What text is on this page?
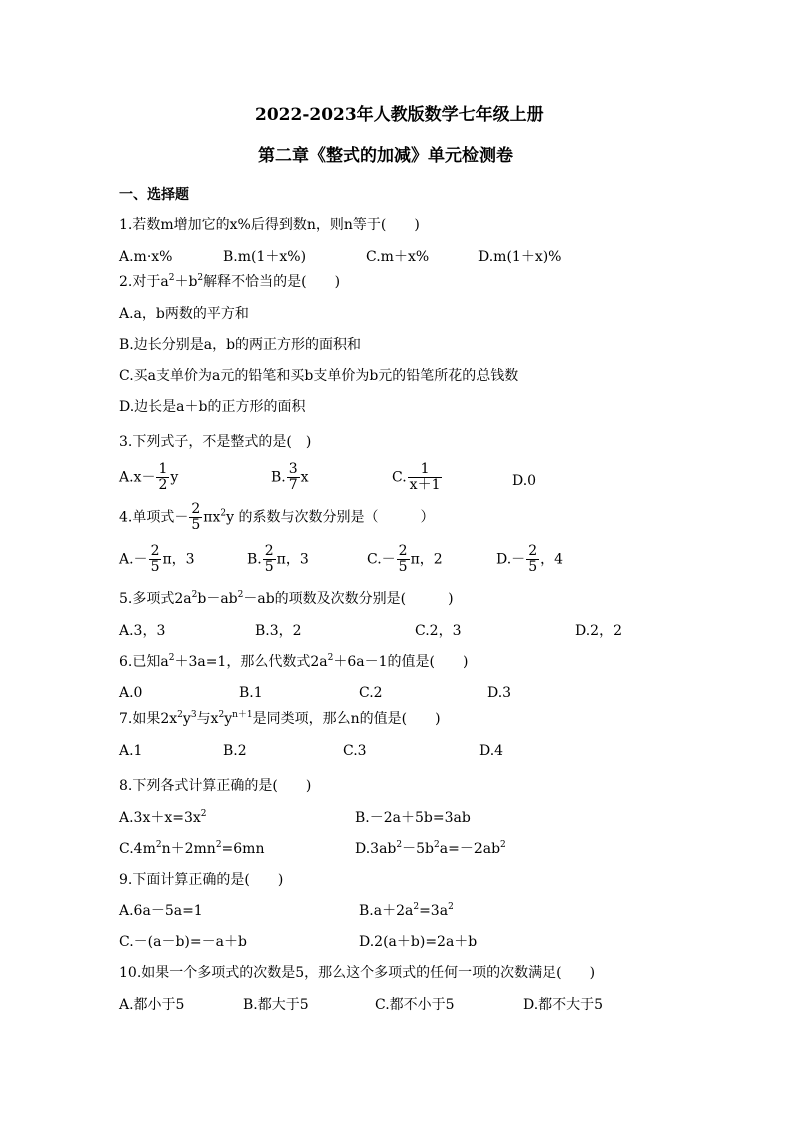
2022-2023年人教版数学七年级上册
第二章《整式的加减》单元检测卷
一、选择题
1.若数m增加它的x%后得到数n，则n等于(　　)
A.m·x%	B.m(1＋x%)	C.m＋x%	D.m(1＋x)%
2.对于$a^2+b^2$解释不恰当的是(　　)
A.a，b两数的平方和
B.边长分别是a，b的两正方形的面积和
C.买a支单价为a元的铅笔和买b支单价为b元的铅笔所花的总钱数
D.边长是a＋b的正方形的面积
3.下列式子，不是整式的是(　)
$A.x- \frac{1}{2}$ y	B. $\frac{3}{7}$ x	C. $\frac{1}{x+1}$	D.0
4.单项式－ $\frac{2}{5} \pi x^2y$ 的系数与次数分别是（　　　）
$A.- \frac{2}{5}$ π，3	B. $\frac{2}{5}$ π，3	$C.- \frac{2}{5}$ π，2	$D.- \frac{2}{5}$ ，4
5.多项式$2a^2b-ab^2-ab$的项数及次数分别是(　　　)
A.3，3	B.3，2	C.2，3	D.2，2
6.已知$a^2+3a=1$，那么代数式$2a^2+6a-1$的值是(　　)
A.0	B.1	C.2	D.3
7.如果$2x^2y^3$与$x^2y^{n+1}$是同类项，那么n的值是(　　)
A.1	B.2	C.3	D.4
8.下列各式计算正确的是(　　)
$A.3x+x=3x^2$	B.－2a＋5b=3ab
$C.4m^2n+2mn^2=6mn$	$D.3ab^2-5b^2a=-2ab^2$
9.下面计算正确的是(　　)
A.6a－5a=1	$B.a+2a^2=3a^2$
C.－(a－b)=－a＋b	D.2(a＋b)=2a＋b
10.如果一个多项式的次数是5，那么这个多项式的任何一项的次数满足(　　)
A.都小于5	B.都大于5	C.都不小于5	D.都不大于5
